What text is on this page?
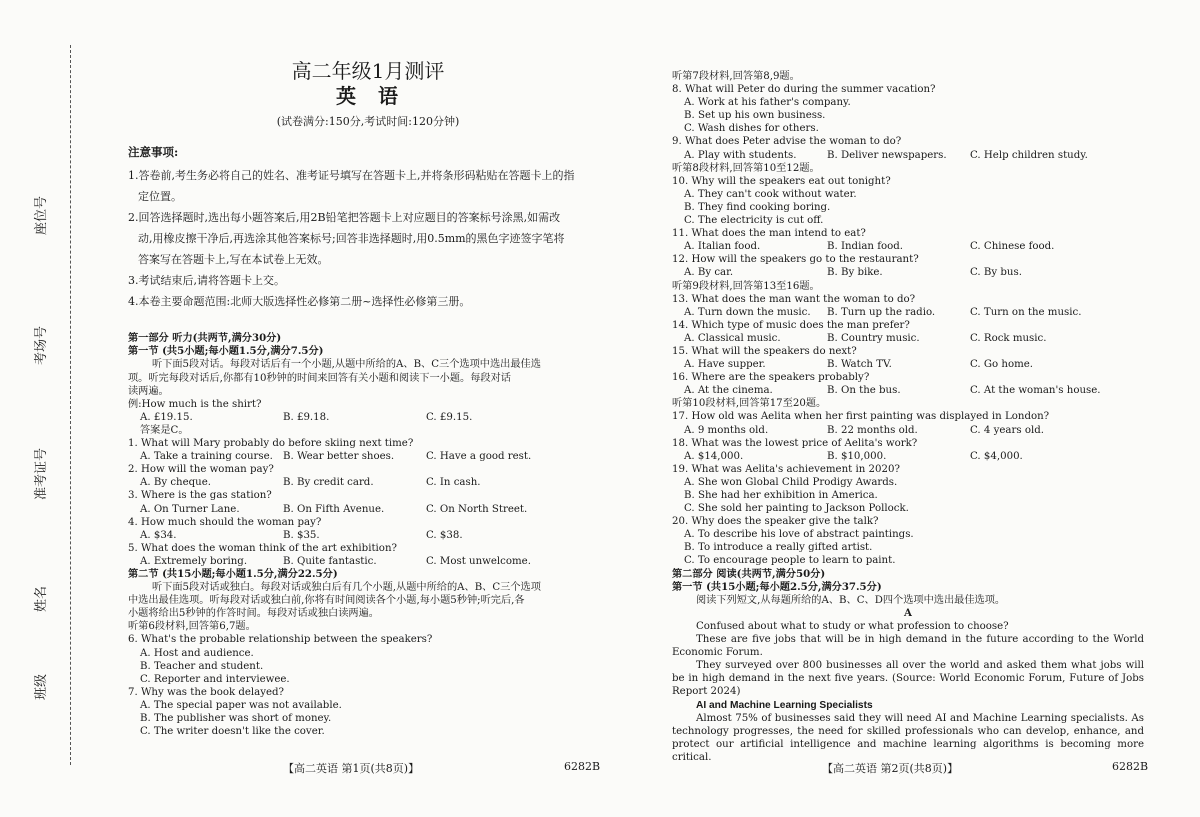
座位号
考场号
准考证号
姓名
班级
高二年级1月测评
英语
(试卷满分:150分,考试时间:120分钟)
注意事项:
1.答卷前,考生务必将自己的姓名、准考证号填写在答题卡上,并将条形码粘贴在答题卡上的指
定位置。
2.回答选择题时,选出每小题答案后,用2B铅笔把答题卡上对应题目的答案标号涂黑,如需改
动,用橡皮擦干净后,再选涂其他答案标号;回答非选择题时,用0.5mm的黑色字迹签字笔将
答案写在答题卡上,写在本试卷上无效。
3.考试结束后,请将答题卡上交。
4.本卷主要命题范围:北师大版选择性必修第二册~选择性必修第三册。
第一部分 听力(共两节,满分30分)
第一节 (共5小题;每小题1.5分,满分7.5分)
听下面5段对话。每段对话后有一个小题,从题中所给的A、B、C三个选项中选出最佳选
项。听完每段对话后,你都有10秒钟的时间来回答有关小题和阅读下一小题。每段对话
读两遍。
例:How much is the shirt?
A. £19.15.	B. £9.18.	C. £9.15.
答案是C。
1. What will Mary probably do before skiing next time?
A. Take a training course. B. Wear better shoes.	C. Have a good rest.
2. How will the woman pay?
A. By cheque.	B. By credit card.	C. In cash.
3. Where is the gas station?
A. On Turner Lane.	B. On Fifth Avenue.	C. On North Street.
4. How much should the woman pay?
A. $34.	B. $35.	C. $38.
5. What does the woman think of the art exhibition?
A. Extremely boring.	B. Quite fantastic.	C. Most unwelcome.
第二节 (共15小题;每小题1.5分,满分22.5分)
听下面5段对话或独白。每段对话或独白后有几个小题,从题中所给的A、B、C三个选项
中选出最佳选项。听每段对话或独白前,你将有时间阅读各个小题,每小题5秒钟;听完后,各
小题将给出5秒钟的作答时间。每段对话或独白读两遍。
听第6段材料,回答第6,7题。
6. What's the probable relationship between the speakers?
A. Host and audience.
B. Teacher and student.
C. Reporter and interviewee.
7. Why was the book delayed?
A. The special paper was not available.
B. The publisher was short of money.
C. The writer doesn't like the cover.
听第7段材料,回答第8,9题。
8. What will Peter do during the summer vacation?
A. Work at his father's company.
B. Set up his own business.
C. Wash dishes for others.
9. What does Peter advise the woman to do?
A. Play with students.	B. Deliver newspapers.	C. Help children study.
听第8段材料,回答第10至12题。
10. Why will the speakers eat out tonight?
A. They can't cook without water.
B. They find cooking boring.
C. The electricity is cut off.
11. What does the man intend to eat?
A. Italian food.	B. Indian food.	C. Chinese food.
12. How will the speakers go to the restaurant?
A. By car.	B. By bike.	C. By bus.
听第9段材料,回答第13至16题。
13. What does the man want the woman to do?
A. Turn down the music.	B. Turn up the radio.	C. Turn on the music.
14. Which type of music does the man prefer?
A. Classical music.	B. Country music.	C. Rock music.
15. What will the speakers do next?
A. Have supper.	B. Watch TV.	C. Go home.
16. Where are the speakers probably?
A. At the cinema.	B. On the bus.	C. At the woman's house.
听第10段材料,回答第17至20题。
17. How old was Aelita when her first painting was displayed in London?
A. 9 months old.	B. 22 months old.	C. 4 years old.
18. What was the lowest price of Aelita's work?
A. $14,000.	B. $10,000.	C. $4,000.
19. What was Aelita's achievement in 2020?
A. She won Global Child Prodigy Awards.
B. She had her exhibition in America.
C. She sold her painting to Jackson Pollock.
20. Why does the speaker give the talk?
A. To describe his love of abstract paintings.
B. To introduce a really gifted artist.
C. To encourage people to learn to paint.
第二部分 阅读(共两节,满分50分)
第一节 (共15小题;每小题2.5分,满分37.5分)
阅读下列短文,从每题所给的A、B、C、D四个选项中选出最佳选项。
A
Confused about what to study or what profession to choose?
These are five jobs that will be in high demand in the future according to the World Economic Forum.
They surveyed over 800 businesses all over the world and asked them what jobs will be in high demand in the next five years. (Source: World Economic Forum, Future of Jobs Report 2024)
AI and Machine Learning Specialists
Almost 75% of businesses said they will need AI and Machine Learning specialists. As technology progresses, the need for skilled professionals who can develop, enhance, and protect our artificial intelligence and machine learning algorithms is becoming more critical.
【高二英语 第1页(共8页)】	6282B	【高二英语 第2页(共8页)】	6282B
